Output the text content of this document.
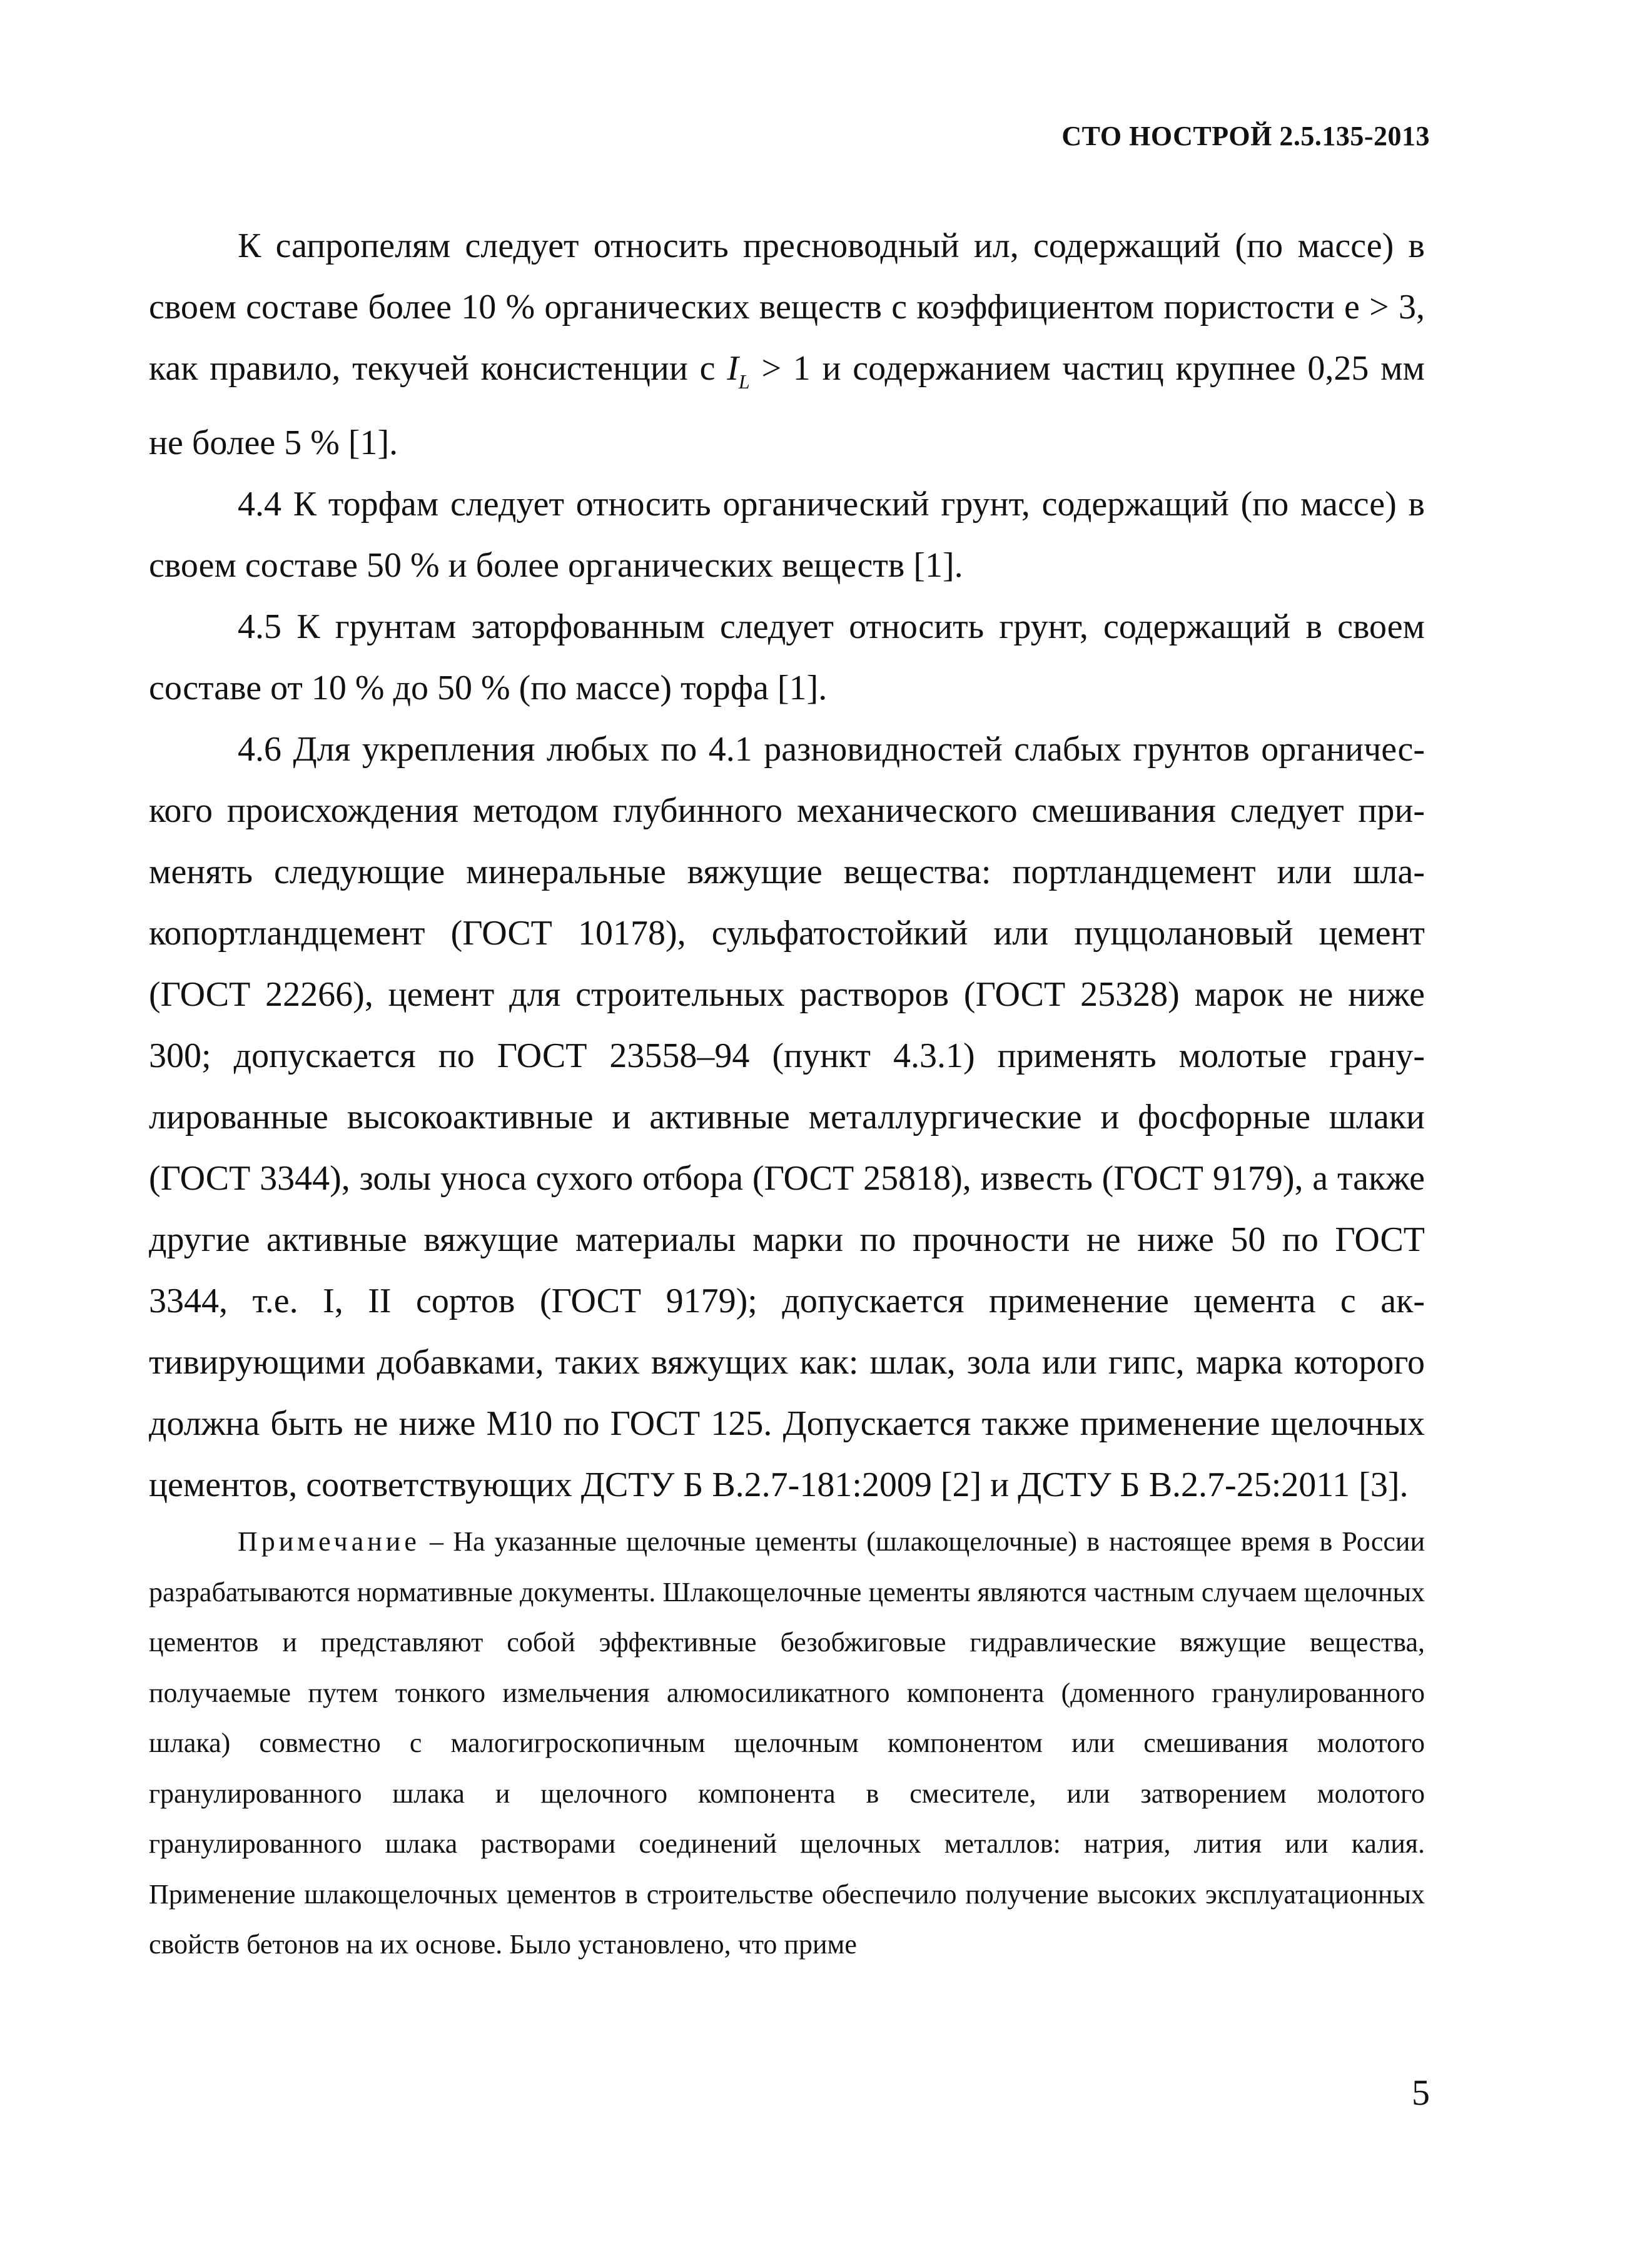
СТО НОСТРОЙ 2.5.135-2013

К сапропелям следует относить пресноводный ил, содержащий (по массе) в своем составе более 10 % органических веществ с коэффициентом пористости е > 3, как правило, текучей консистенции с $I_L > 1$ и содержанием частиц крупнее 0,25 мм не более 5 % [1].

4.4 К торфам следует относить органический грунт, содержащий (по массе) в своем составе 50 % и более органических веществ [1].

4.5 К грунтам заторфованным следует относить грунт, содержащий в своем составе от 10 % до 50 % (по массе) торфа [1].

4.6 Для укрепления любых по 4.1 разновидностей слабых грунтов органического происхождения методом глубинного механического смешивания следует применять следующие минеральные вяжущие вещества: портландцемент или шлакопортландцемент (ГОСТ 10178), сульфатостойкий или пуццолановый цемент (ГОСТ 22266), цемент для строительных растворов (ГОСТ 25328) марок не ниже 300; допускается по ГОСТ 23558–94 (пункт 4.3.1) применять молотые гранулированные высокоактивные и активные металлургические и фосфорные шлаки (ГОСТ 3344), золы уноса сухого отбора (ГОСТ 25818), известь (ГОСТ 9179), а также другие активные вяжущие материалы марки по прочности не ниже 50 по ГОСТ 3344, т.е. I, II сортов (ГОСТ 9179); допускается применение цемента с активирующими добавками, таких вяжущих как: шлак, зола или гипс, марка которого должна быть не ниже М10 по ГОСТ 125. Допускается также применение щелочных цементов, соответствующих ДСТУ Б В.2.7-181:2009 [2] и ДСТУ Б В.2.7-25:2011 [3].

Примечание – На указанные щелочные цементы (шлакощелочные) в настоящее время в России разрабатываются нормативные документы. Шлакощелочные цементы являются частным случаем щелочных цементов и представляют собой эффективные безобжиговые гидравлические вяжущие вещества, получаемые путем тонкого измельчения алюмосиликатного компонента (доменного гранулированного шлака) совместно с малогигроскопичным щелочным компонентом или смешивания молотого гранулированного шлака и щелочного компонента в смесителе, или затворением молотого гранулированного шлака растворами соединений щелочных металлов: натрия, лития или калия. Применение шлакощелочных цементов в строительстве обеспечило получение высоких эксплуатационных свойств бетонов на их основе. Было установлено, что приме

5
